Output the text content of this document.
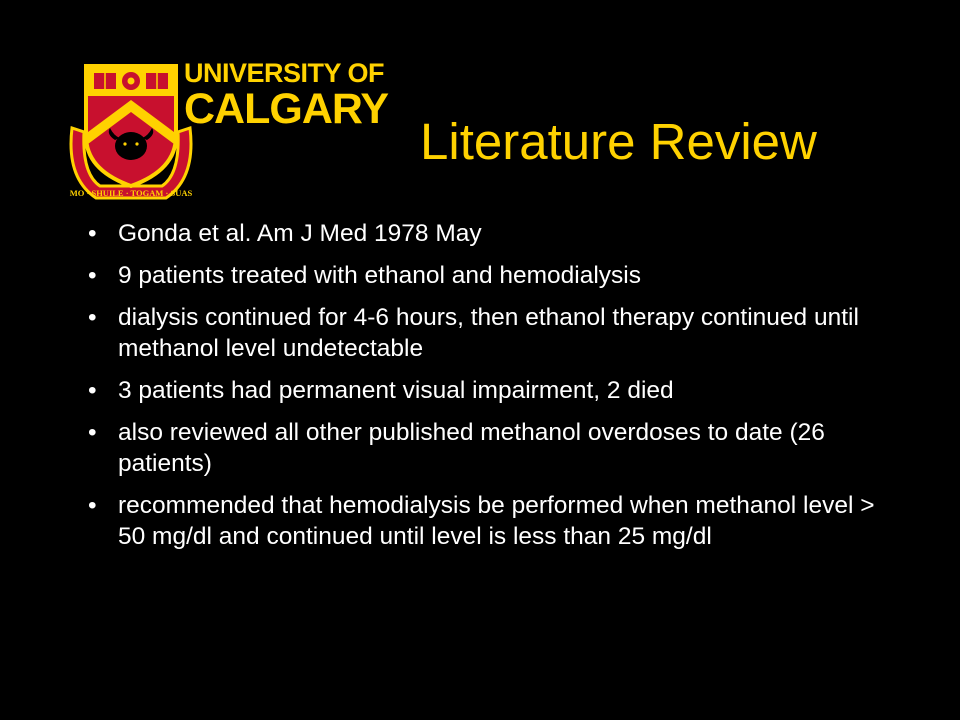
MO · SHUILE · TOGAM · SUAS
UNIVERSITY OF
CALGARY
Literature Review
• Gonda et al. Am J Med 1978 May
• 9 patients treated with ethanol and hemodialysis
• dialysis continued for 4-6 hours, then ethanol therapy continued until methanol level undetectable
• 3 patients had permanent visual impairment, 2 died
• also reviewed all other published methanol overdoses to date (26 patients)
• recommended that hemodialysis be performed when methanol level > 50 mg/dl and continued until level is less than 25 mg/dl
